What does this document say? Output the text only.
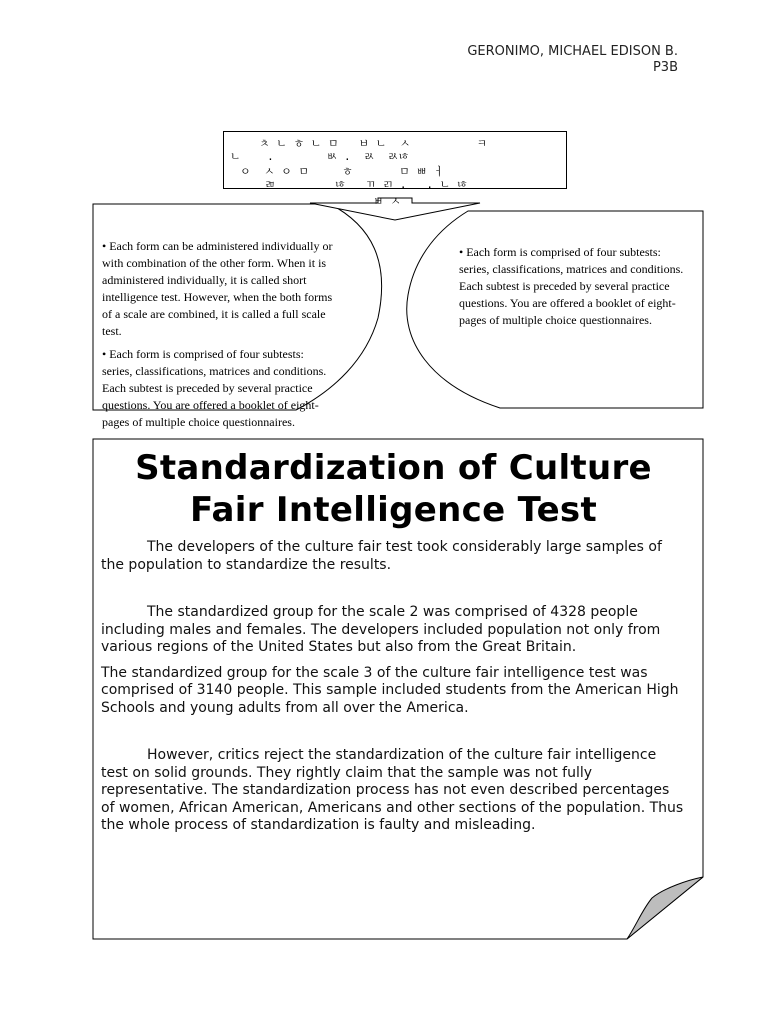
GERONIMO, MICHAEL EDISON B.
P3B
ㅊ ㄴ ㅎ ㄴ ㅁ   ㅂ ㄴ  ㅅ          ㅋ
ㄴ    .        ㅄ .  ㄽ  ㄽㄶ
ㅇ  ㅅ ㅇ ㅁ     ㅎ       ㅁ ㅃ ㅓ
ㄻ         ㄶ   ㄲ ㄺ .   . ㄴ ㄶ
ㅂ ㅅ

• Each form can be administered individually or with combination of the other form. When it is administered individually, it is called short intelligence test. However, when the both forms of a scale are combined, it is called a full scale test.

• Each form is comprised of four subtests: series, classifications, matrices and conditions. Each subtest is preceded by several practice questions. You are offered a booklet of eight-pages of multiple choice questionnaires.

• Each form is comprised of four subtests: series, classifications, matrices and conditions. Each subtest is preceded by several practice questions. You are offered a booklet of eight-pages of multiple choice questionnaires.

Standardization of Culture Fair Intelligence Test

The developers of the culture fair test took considerably large samples of the population to standardize the results.

The standardized group for the scale 2 was comprised of 4328 people including males and females. The developers included population not only from various regions of the United States but also from the Great Britain.

The standardized group for the scale 3 of the culture fair intelligence test was comprised of 3140 people. This sample included students from the American High Schools and young adults from all over the America.

However, critics reject the standardization of the culture fair intelligence test on solid grounds. They rightly claim that the sample was not fully representative. The standardization process has not even described percentages of women, African American, Americans and other sections of the population. Thus the whole process of standardization is faulty and misleading.
